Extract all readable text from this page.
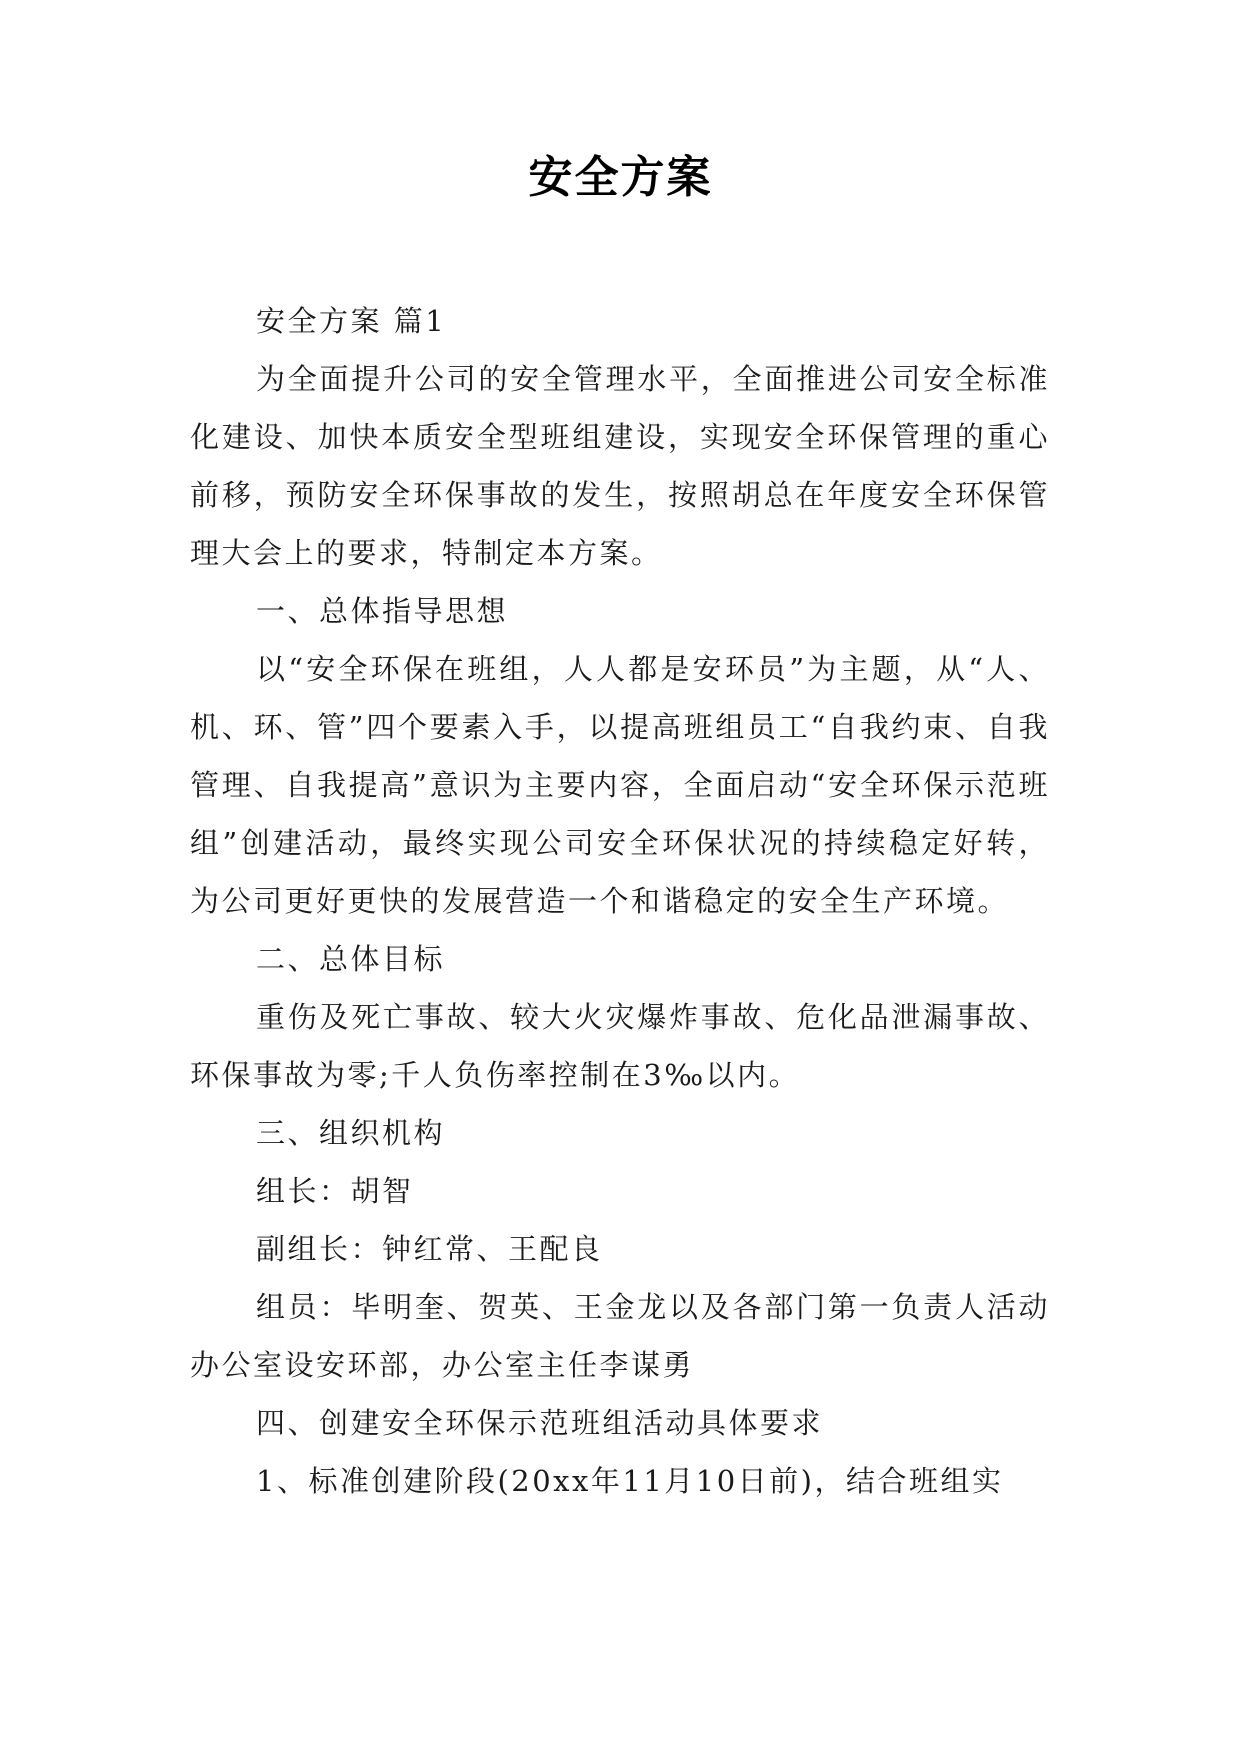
安全方案

安全方案 篇1

为全面提升公司的安全管理水平，全面推进公司安全标准化建设、加快本质安全型班组建设，实现安全环保管理的重心前移，预防安全环保事故的发生，按照胡总在年度安全环保管理大会上的要求，特制定本方案。

一、总体指导思想

以“安全环保在班组，人人都是安环员”为主题，从“人、机、环、管”四个要素入手，以提高班组员工“自我约束、自我管理、自我提高”意识为主要内容，全面启动“安全环保示范班组”创建活动，最终实现公司安全环保状况的持续稳定好转，为公司更好更快的发展营造一个和谐稳定的安全生产环境。

二、总体目标

重伤及死亡事故、较大火灾爆炸事故、危化品泄漏事故、环保事故为零;千人负伤率控制在3‰以内。

三、组织机构

组长：胡智

副组长：钟红常、王配良

组员：毕明奎、贺英、王金龙以及各部门第一负责人活动办公室设安环部，办公室主任李谋勇

四、创建安全环保示范班组活动具体要求

1、标准创建阶段(20xx年11月10日前)，结合班组实
